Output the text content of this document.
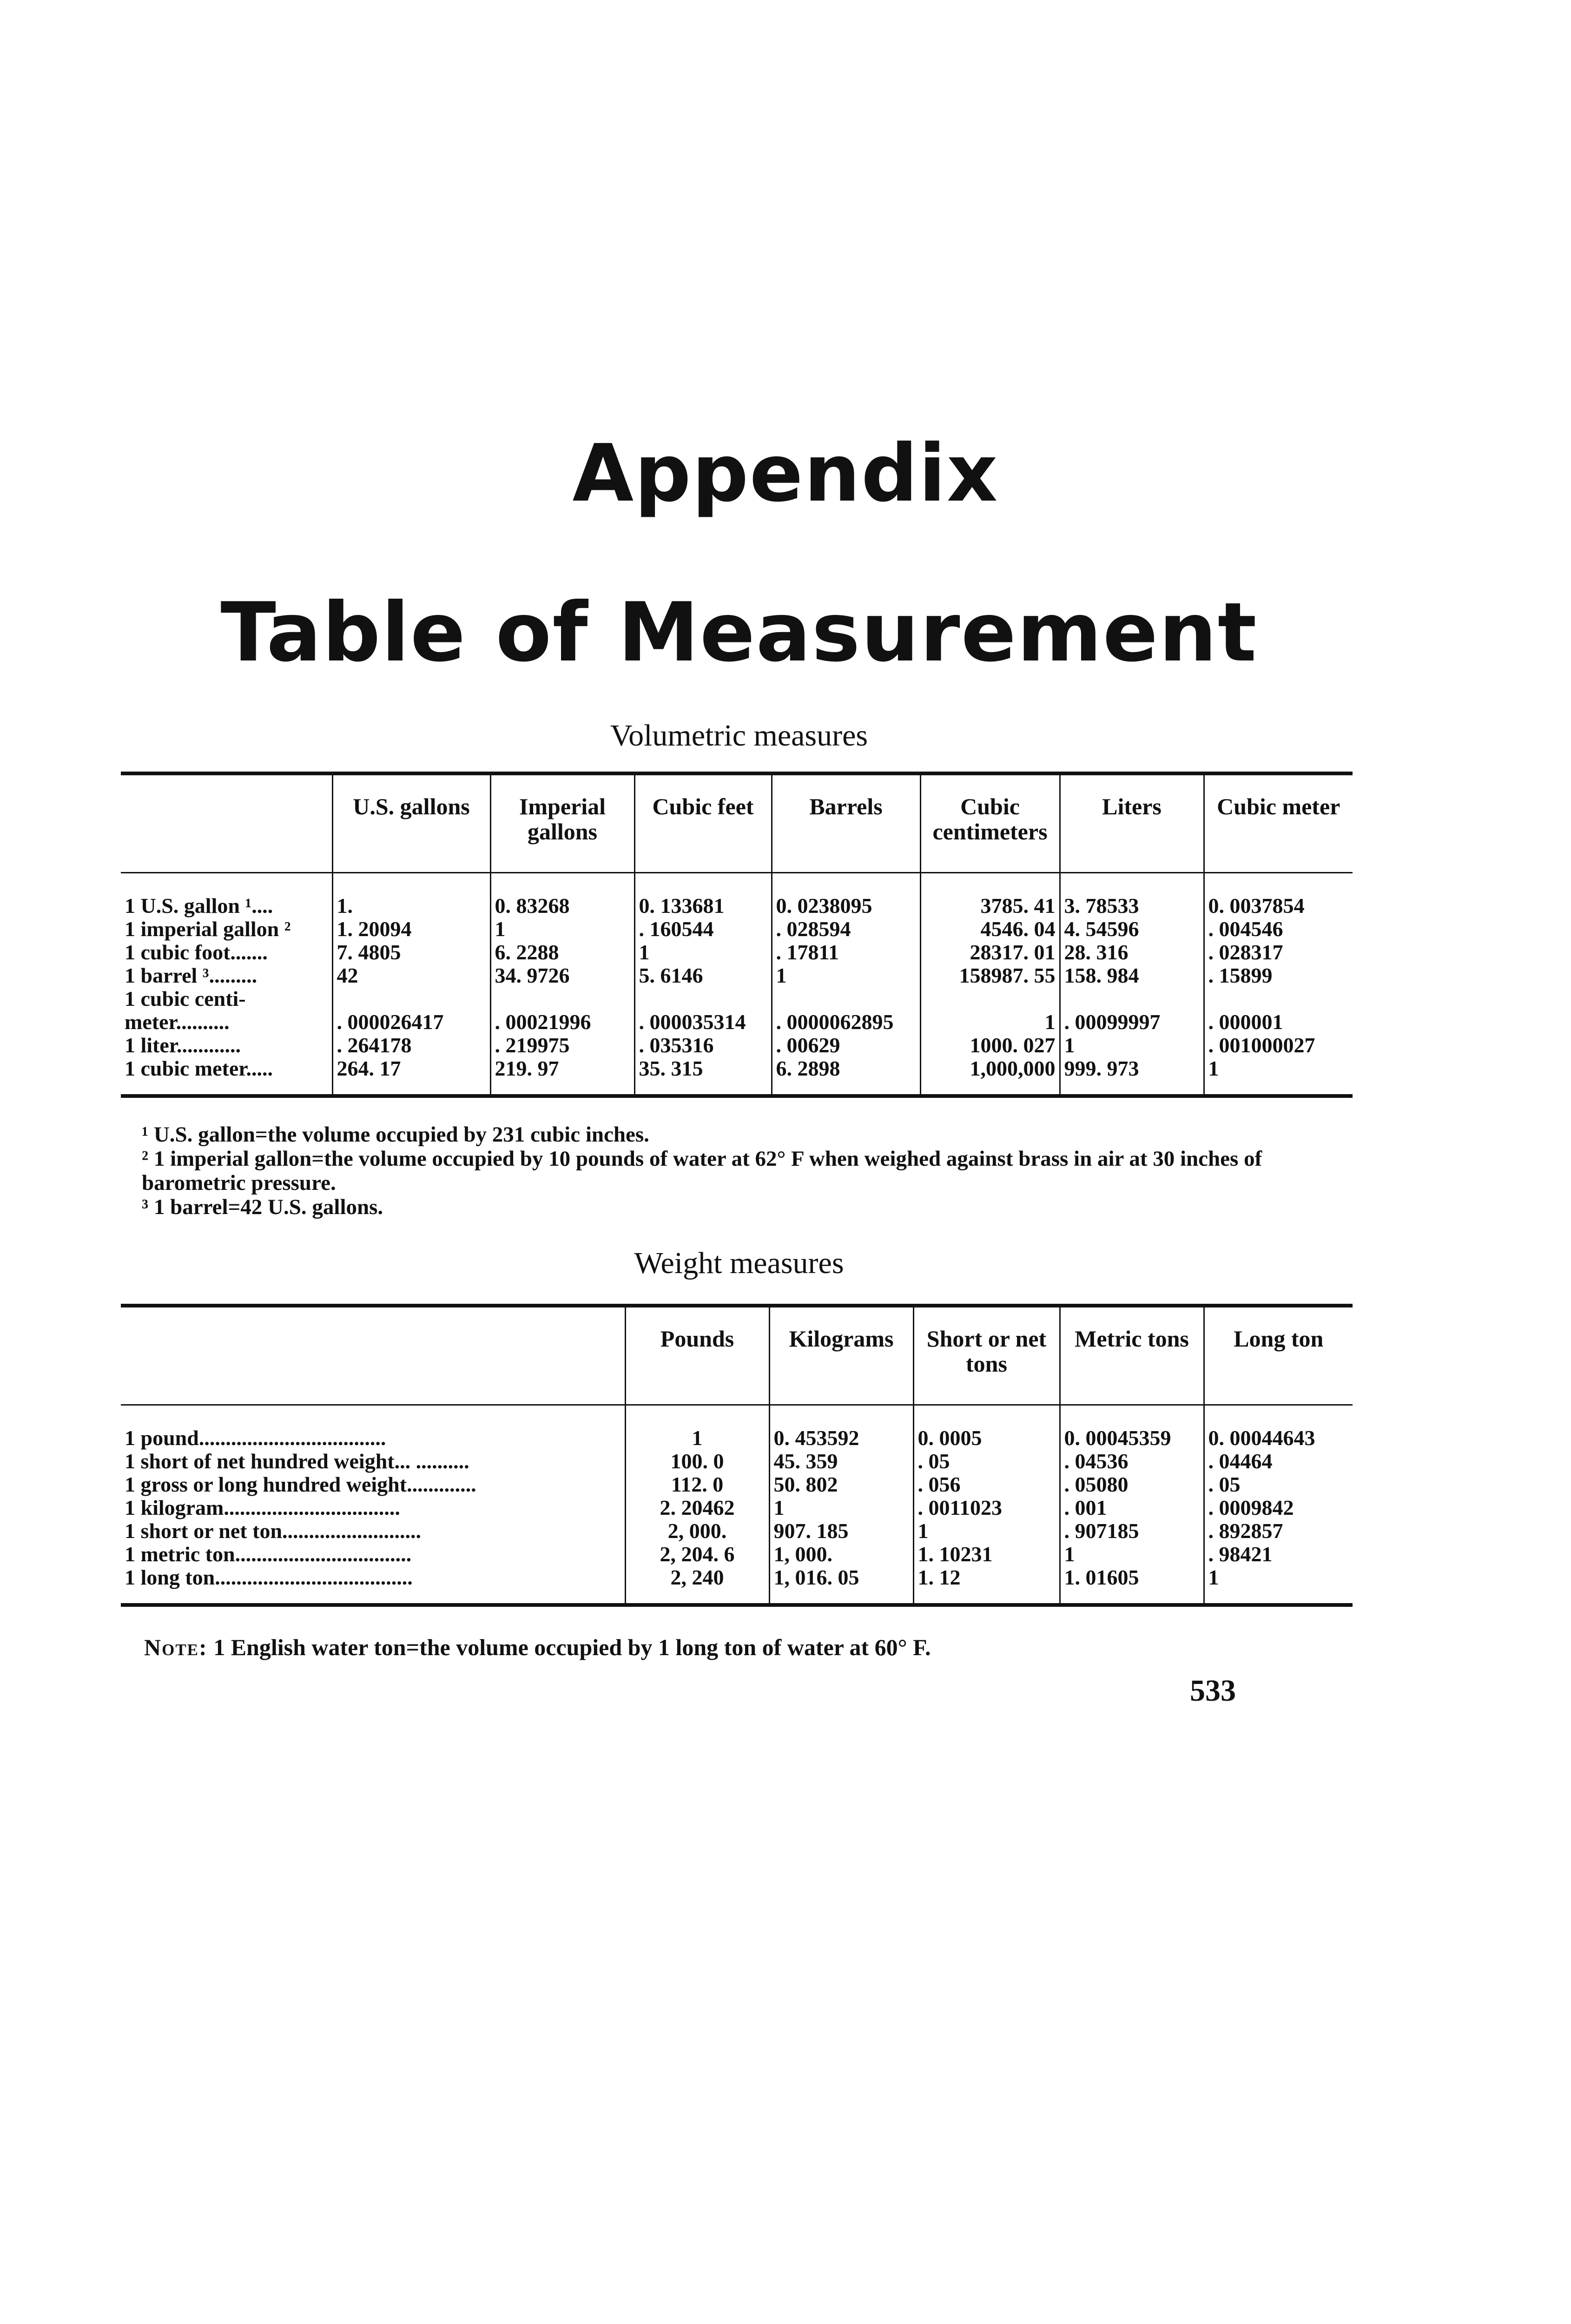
Appendix
Table of Measurement
Volumetric measures
	U.S. gallons	Imperial gallons	Cubic feet	Barrels	Cubic centimeters	Liters	Cubic meter
1 U.S. gallon ¹....	1.	0. 83268	0. 133681	0. 0238095	3785. 41	3. 78533	0. 0037854
1 imperial gallon ²	1. 20094	1	. 160544	. 028594	4546. 04	4. 54596	. 004546
1 cubic foot.......	7. 4805	6. 2288	1	. 17811	28317. 01	28. 316	. 028317
1 barrel ³.........	42	34. 9726	5. 6146	1	158987. 55	158. 984	. 15899
1 cubic centi-							
meter..........	. 000026417	. 00021996	. 000035314	. 0000062895	1	. 00099997	. 000001
1 liter............	. 264178	. 219975	. 035316	. 00629	1000. 027	1	. 001000027
1 cubic meter.....	264. 17	219. 97	35. 315	6. 2898	1,000,000	999. 973	1

¹ U.S. gallon=the volume occupied by 231 cubic inches.

² 1 imperial gallon=the volume occupied by 10 pounds of water at 62° F when weighed against brass in air at 30 inches of barometric pressure.

³ 1 barrel=42 U.S. gallons.

Weight measures
	Pounds	Kilograms	Short or net tons	Metric tons	Long ton
1 pound...................................	1	0. 453592	0. 0005	0. 00045359	0. 00044643
1 short of net hundred weight... ..........	100. 0	45. 359	. 05	. 04536	. 04464
1 gross or long hundred weight.............	112. 0	50. 802	. 056	. 05080	. 05
1 kilogram.................................	2. 20462	1	. 0011023	. 001	. 0009842
1 short or net ton..........................	2, 000.	907. 185	1	. 907185	. 892857
1 metric ton.................................	2, 204. 6	1, 000.	1. 10231	1	. 98421
1 long ton.....................................	2, 240	1, 016. 05	1. 12	1. 01605	1
Note: 1 English water ton=the volume occupied by 1 long ton of water at 60° F.
533
